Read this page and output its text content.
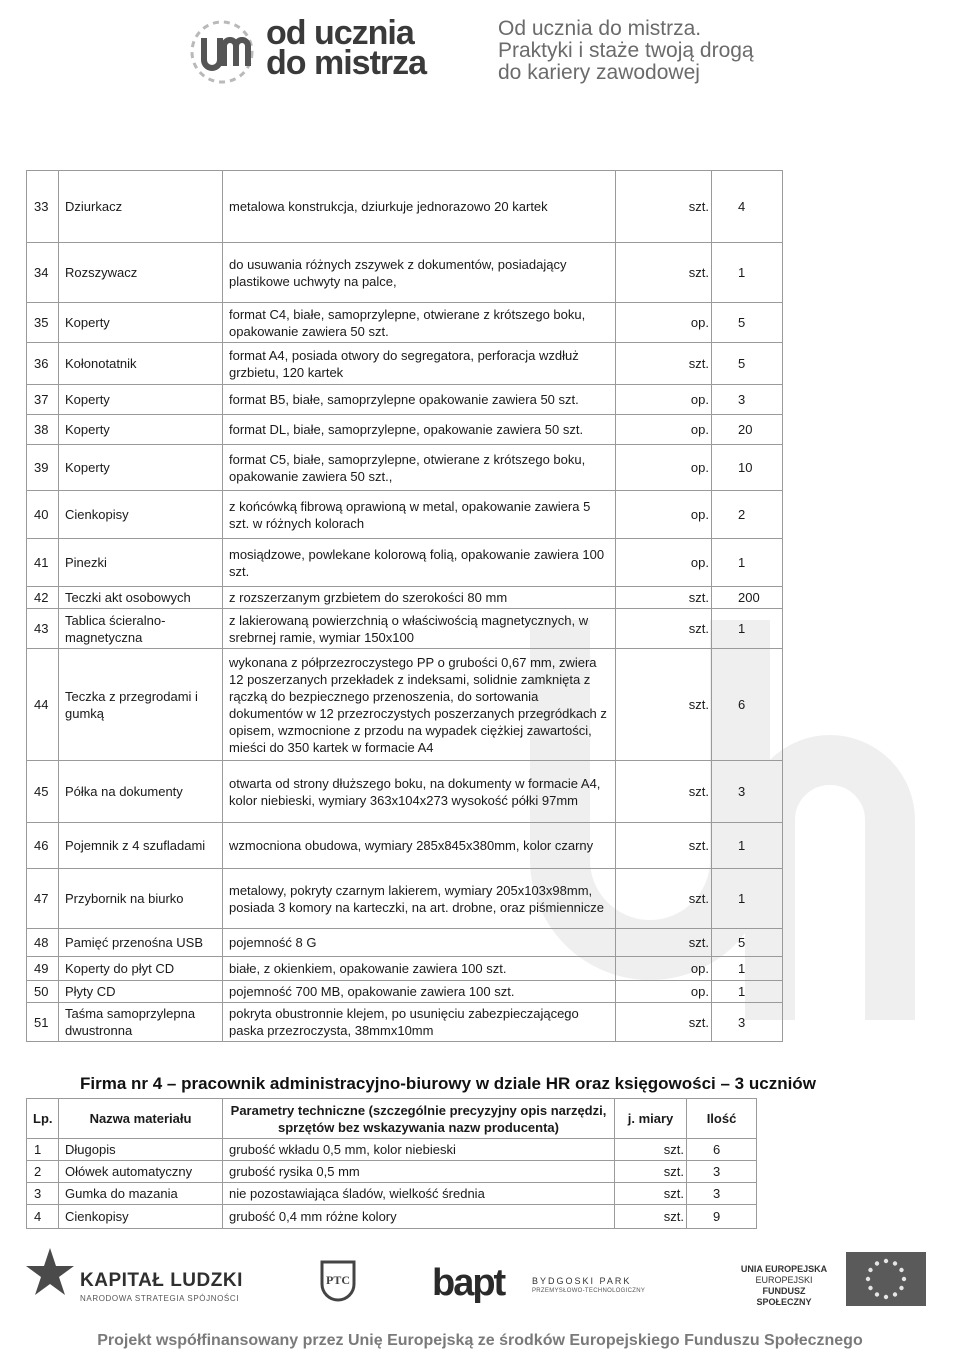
od ucznia
do mistrza
Od ucznia do mistrza.
Praktyki i staże twoją drogą
do kariery zawodowej
33	Dziurkacz	metalowa konstrukcja, dziurkuje jednorazowo 20 kartek	szt.	4
34	Rozszywacz	do usuwania różnych zszywek z dokumentów, posiadający plastikowe uchwyty na palce,	szt.	1
35	Koperty	format C4, białe, samoprzylepne, otwierane z krótszego boku, opakowanie zawiera 50 szt.	op.	5
36	Kołonotatnik	format A4, posiada otwory do segregatora, perforacja wzdłuż grzbietu, 120 kartek	szt.	5
37	Koperty	format B5, białe, samoprzylepne opakowanie zawiera 50 szt.	op.	3
38	Koperty	format DL, białe, samoprzylepne, opakowanie zawiera 50 szt.	op.	20
39	Koperty	format C5, białe, samoprzylepne, otwierane z krótszego boku, opakowanie zawiera 50 szt.,	op.	10
40	Cienkopisy	z końcówką fibrową oprawioną w metal, opakowanie zawiera 5 szt. w różnych kolorach	op.	2
41	Pinezki	mosiądzowe, powlekane kolorową folią, opakowanie zawiera 100 szt.	op.	1
42	Teczki akt osobowych	z rozszerzanym grzbietem do szerokości 80 mm	szt.	200
43	Tablica ścieralno-magnetyczna	z lakierowaną powierzchnią o właściwością magnetycznych, w srebrnej ramie, wymiar 150x100	szt.	1
44	Teczka z przegrodami i gumką	wykonana z półprzezroczystego PP o grubości 0,67 mm, zwiera 12 poszerzanych przekładek z indeksami, solidnie zamknięta z rączką do bezpiecznego przenoszenia, do sortowania dokumentów w 12 przezroczystych poszerzanych przegródkach z opisem, wzmocnione z przodu na wypadek ciężkiej zawartości, mieści do 350 kartek w formacie A4	szt.	6
45	Półka na dokumenty	otwarta od strony dłuższego boku, na dokumenty w formacie A4, kolor niebieski, wymiary 363x104x273 wysokość półki 97mm	szt.	3
46	Pojemnik z 4 szufladami	wzmocniona obudowa, wymiary 285x845x380mm, kolor czarny	szt.	1
47	Przybornik na biurko	metalowy, pokryty czarnym lakierem, wymiary 205x103x98mm, posiada 3 komory na karteczki, na art. drobne, oraz piśmiennicze	szt.	1
48	Pamięć przenośna USB	pojemność 8 G	szt.	5
49	Koperty do płyt CD	białe, z okienkiem, opakowanie zawiera 100 szt.	op.	1
50	Płyty CD	pojemność 700 MB, opakowanie zawiera 100 szt.	op.	1
51	Taśma samoprzylepna dwustronna	pokryta obustronnie klejem, po usunięciu zabezpieczającego paska przezroczysta, 38mmx10mm	szt.	3
Firma nr 4 – pracownik administracyjno-biurowy w dziale HR oraz księgowości – 3 uczniów
Lp.	Nazwa materiału	Parametry techniczne (szczególnie precyzyjny opis narzędzi, sprzętów bez wskazywania nazw producenta)	j. miary	Ilość
1	Długopis	grubość wkładu 0,5 mm, kolor niebieski	szt.	6
2	Ołówek automatyczny	grubość rysika 0,5 mm	szt.	3
3	Gumka do mazania	nie pozostawiająca śladów, wielkość średnia	szt.	3
4	Cienkopisy	grubość 0,4 mm różne kolory	szt.	9
KAPITAŁ LUDZKI
NARODOWA STRATEGIA SPÓJNOŚCI
PTC bapt	BYDGOSKI PARK
PRZEMYSŁOWO-TECHNOLOGICZNY
UNIA EUROPEJSKA
EUROPEJSKI
FUNDUSZ SPOŁECZNY
Projekt współfinansowany przez Unię Europejską ze środków Europejskiego Funduszu Społecznego
